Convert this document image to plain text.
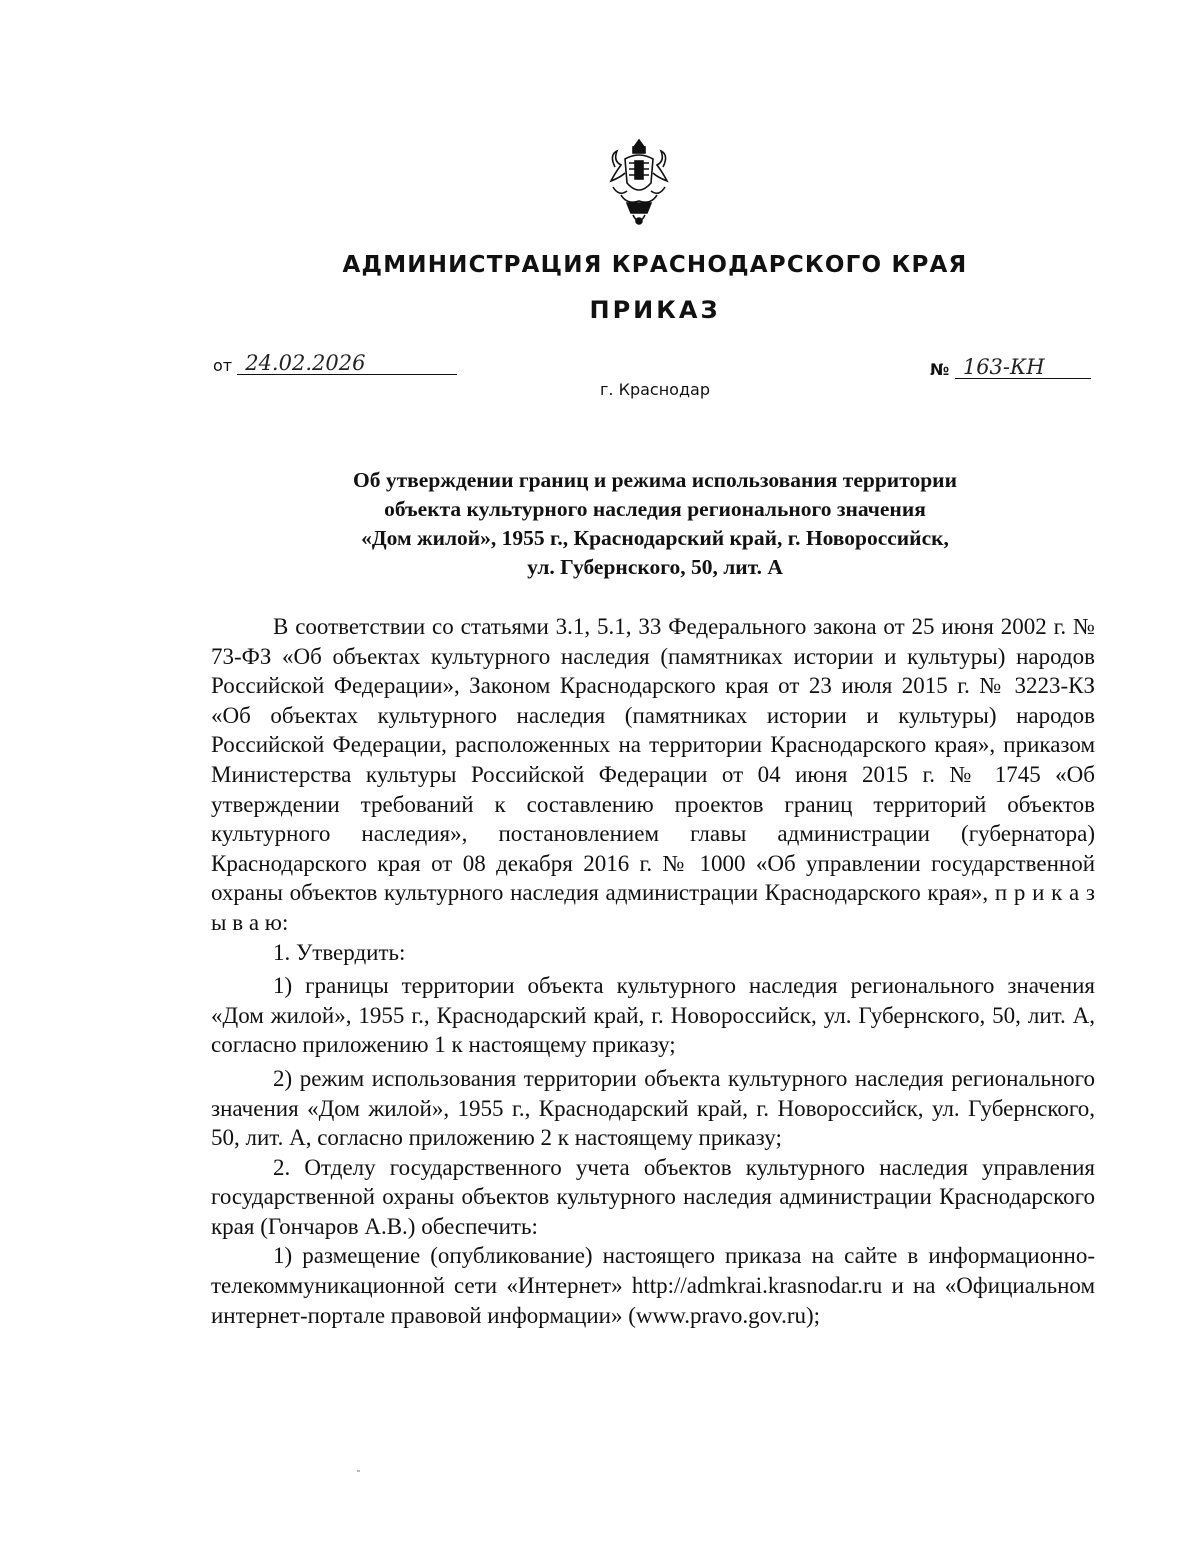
АДМИНИСТРАЦИЯ КРАСНОДАРСКОГО КРАЯ
ПРИКАЗ
от 24.02.2026	№ 163-КН
г. Краснодар
Об утверждении границ и режима использования территории
объекта культурного наследия регионального значения
«Дом жилой», 1955 г., Краснодарский край, г. Новороссийск,
ул. Губернского, 50, лит. А

В соответствии со статьями 3.1, 5.1, 33 Федерального закона от 25 июня 2002 г. № 73-ФЗ «Об объектах культурного наследия (памятниках истории и культуры) народов Российской Федерации», Законом Краснодарского края от 23 июля 2015 г. № 3223-КЗ «Об объектах культурного наследия (памятниках истории и культуры) народов Российской Федерации, расположенных на территории Краснодарского края», приказом Министерства культуры Российской Федерации от 04 июня 2015 г. № 1745 «Об утверждении требований к составлению проектов границ территорий объектов культурного наследия», постановлением главы администрации (губернатора) Краснодарского края от 08 декабря 2016 г. № 1000 «Об управлении государственной охраны объектов культурного наследия администрации Краснодарского края», п р и к а з ы в а ю:

1. Утвердить:

1) границы территории объекта культурного наследия регионального значения «Дом жилой», 1955 г., Краснодарский край, г. Новороссийск, ул. Губернского, 50, лит. А, согласно приложению 1 к настоящему приказу;

2) режим использования территории объекта культурного наследия регионального значения «Дом жилой», 1955 г., Краснодарский край, г. Новороссийск, ул. Губернского, 50, лит. А, согласно приложению 2 к настоящему приказу;

2. Отделу государственного учета объектов культурного наследия управления государственной охраны объектов культурного наследия администрации Краснодарского края (Гончаров А.В.) обеспечить:

1) размещение (опубликование) настоящего приказа на сайте в информационно-телекоммуникационной сети «Интернет» http://admkrai.krasnodar.ru и на «Официальном интернет-портале правовой информации» (www.pravo.gov.ru);
